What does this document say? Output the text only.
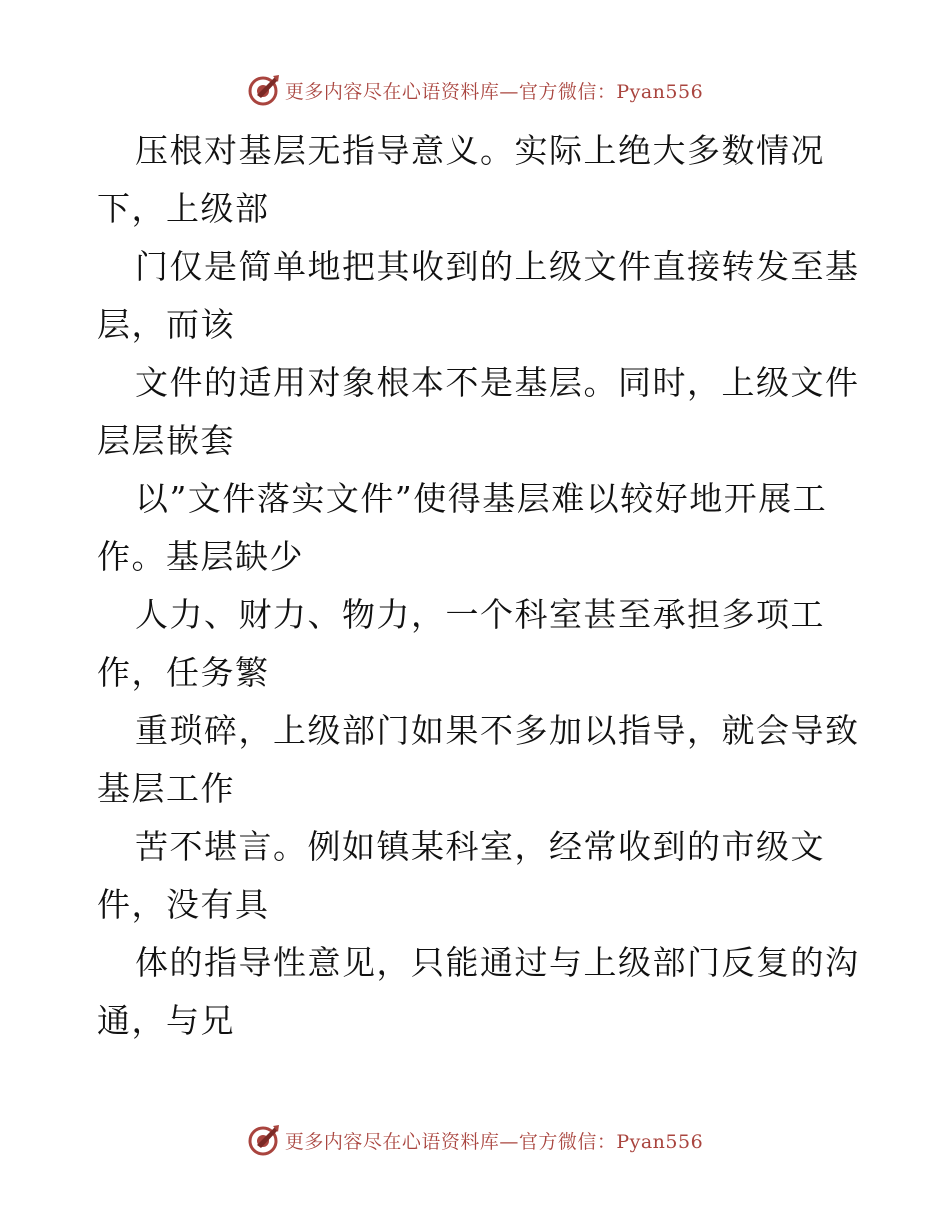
更多内容尽在心语资料库—官方微信：Pyan556
压根对基层无指导意义。实际上绝大多数情况
下，上级部
门仅是简单地把其收到的上级文件直接转发至基
层，而该
文件的适用对象根本不是基层。同时，上级文件
层层嵌套
以”文件落实文件”使得基层难以较好地开展工
作。基层缺少
人力、财力、物力，一个科室甚至承担多项工
作，任务繁
重琐碎，上级部门如果不多加以指导，就会导致
基层工作
苦不堪言。例如镇某科室，经常收到的市级文
件，没有具
体的指导性意见，只能通过与上级部门反复的沟
通，与兄
更多内容尽在心语资料库—官方微信：Pyan556
